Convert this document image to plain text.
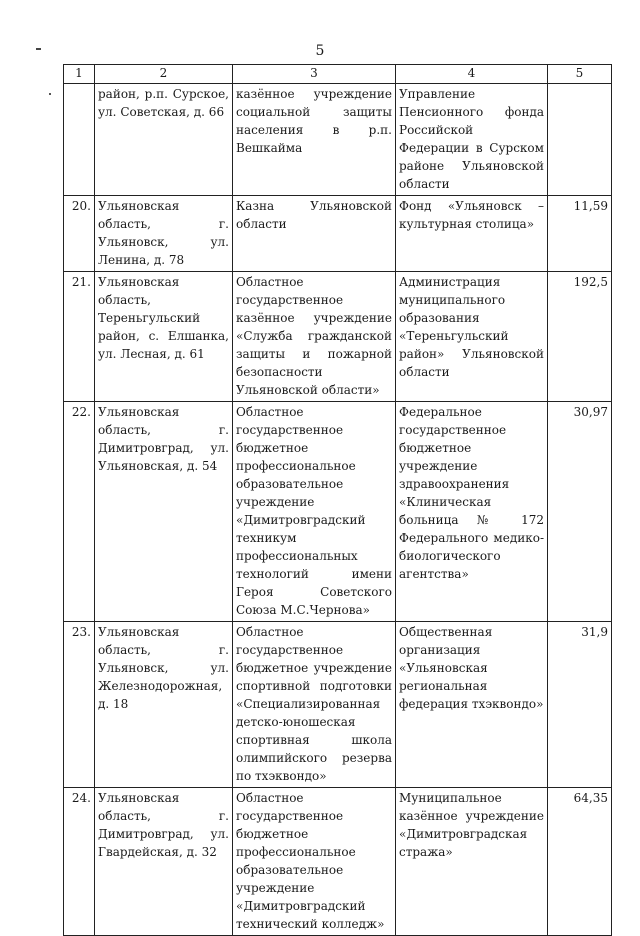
5
1	2	3	4	5
	район, р.п. Сурское, ул. Советская, д. 66	казённое учреждение социальной защиты населения в р.п. Вешкайма	Управление Пенсионного фонда Российской Федерации в Сурском районе Ульяновской области	
20.	Ульяновская область, г. Ульяновск, ул. Ленина, д. 78	Казна Ульяновской области	Фонд «Ульяновск – культурная столица»	11,59
21.	Ульяновская область, Тереньгульский район, с. Елшанка, ул. Лесная, д. 61	Областное государственное казённое учреждение «Служба гражданской защиты и пожарной безопасности Ульяновской области»	Администрация муниципального образования «Тереньгульский район» Ульяновской области	192,5
22.	Ульяновская область, г. Димитровград, ул. Ульяновская, д. 54	Областное государственное бюджетное профессиональное образовательное учреждение «Димитровградский техникум профессиональных технологий имени Героя Советского Союза М.С.Чернова»	Федеральное государственное бюджетное учреждение здравоохранения «Клиническая больница № 172 Федерального медико-биологического агентства»	30,97
23.	Ульяновская область, г. Ульяновск, ул. Железнодорожная, д. 18	Областное государственное бюджетное учреждение спортивной подготовки «Специализированная детско-юношеская спортивная школа олимпийского резерва по тхэквондо»	Общественная организация «Ульяновская региональная федерация тхэквондо»	31,9
24.	Ульяновская область, г. Димитровград, ул. Гвардейская, д. 32	Областное государственное бюджетное профессиональное образовательное учреждение «Димитровградский технический колледж»	Муниципальное казённое учреждение «Димитровградская стража»	64,35
